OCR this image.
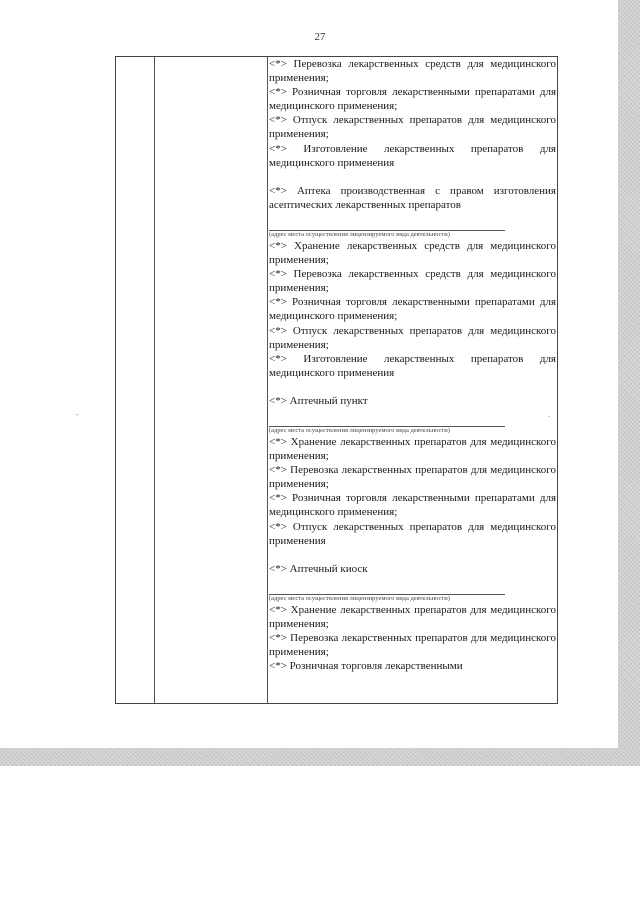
27
-	.

<*> Перевозка лекарственных средств для медицинского применения;

<*> Розничная торговля лекарственными препаратами для медицинского применения;

<*> Отпуск лекарственных препаратов для медицинского применения;

<*> Изготовление лекарственных препаратов для медицинского применения

<*> Аптека производственная с правом изготовления асептических лекарственных препаратов

(адрес места осуществления лицензируемого вида деятельности)

<*> Хранение лекарственных средств для медицинского применения;

<*> Перевозка лекарственных средств для медицинского применения;

<*> Розничная торговля лекарственными препаратами для медицинского применения;

<*> Отпуск лекарственных препаратов для медицинского применения;

<*> Изготовление лекарственных препаратов для медицинского применения

<*> Аптечный пункт

(адрес места осуществления лицензируемого вида деятельности)

<*> Хранение лекарственных препаратов для медицинского применения;

<*> Перевозка лекарственных препаратов для медицинского применения;

<*> Розничная торговля лекарственными препаратами для медицинского применения;

<*> Отпуск лекарственных препаратов для медицинского применения

<*> Аптечный киоск

(адрес места осуществления лицензируемого вида деятельности)

<*> Хранение лекарственных препаратов для медицинского применения;

<*> Перевозка лекарственных препаратов для медицинского применения;

<*> Розничная торговля лекарственными
